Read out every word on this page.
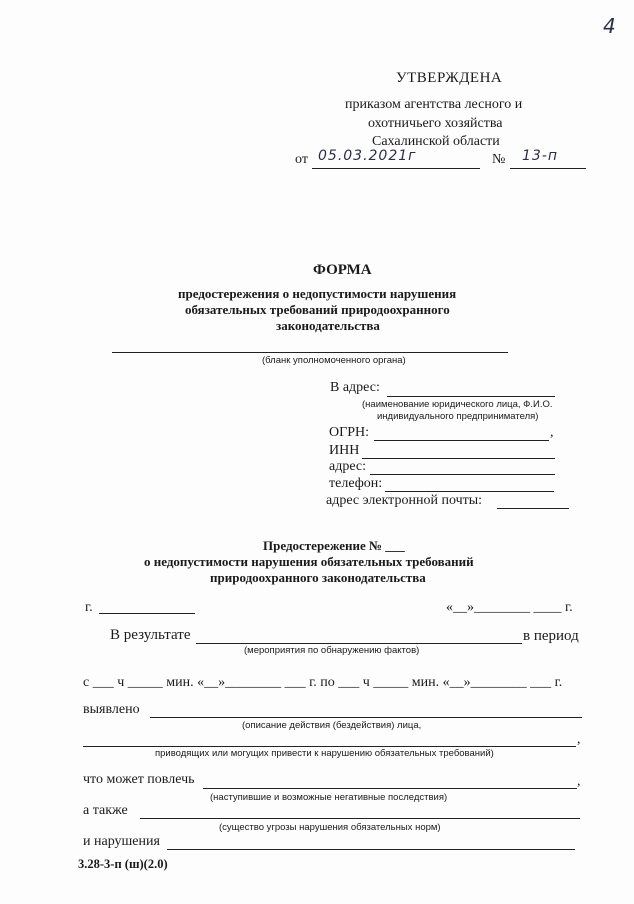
4
УТВЕРЖДЕНА
приказом агентства лесного и
охотничьего хозяйства
Сахалинской области
от 05.03.2021г	№ 13-п
ФОРМА
предостережения о недопустимости нарушения
обязательных требований природоохранного
законодательства
(бланк уполномоченного органа)
В адрес:
(наименование юридического лица, Ф.И.О.
индивидуального предпринимателя)
ОГРН:	,
ИНН
адрес:
телефон:
адрес электронной почты:
Предостережение № ___
о недопустимости нарушения обязательных требований
природоохранного законодательства
г.	«__»________ ____ г.
В результате	в период
(мероприятия по обнаружению фактов)
с ___ ч _____ мин. «__»________ ___ г. по ___ ч _____ мин. «__»________ ___ г.
выявлено
(описание действия (бездействия) лица,
,
приводящих или могущих привести к нарушению обязательных требований)
что может повлечь	,
(наступившие и возможные негативные последствия)
а также
(существо угрозы нарушения обязательных норм)
и нарушения
3.28-3-п (ш)(2.0)
